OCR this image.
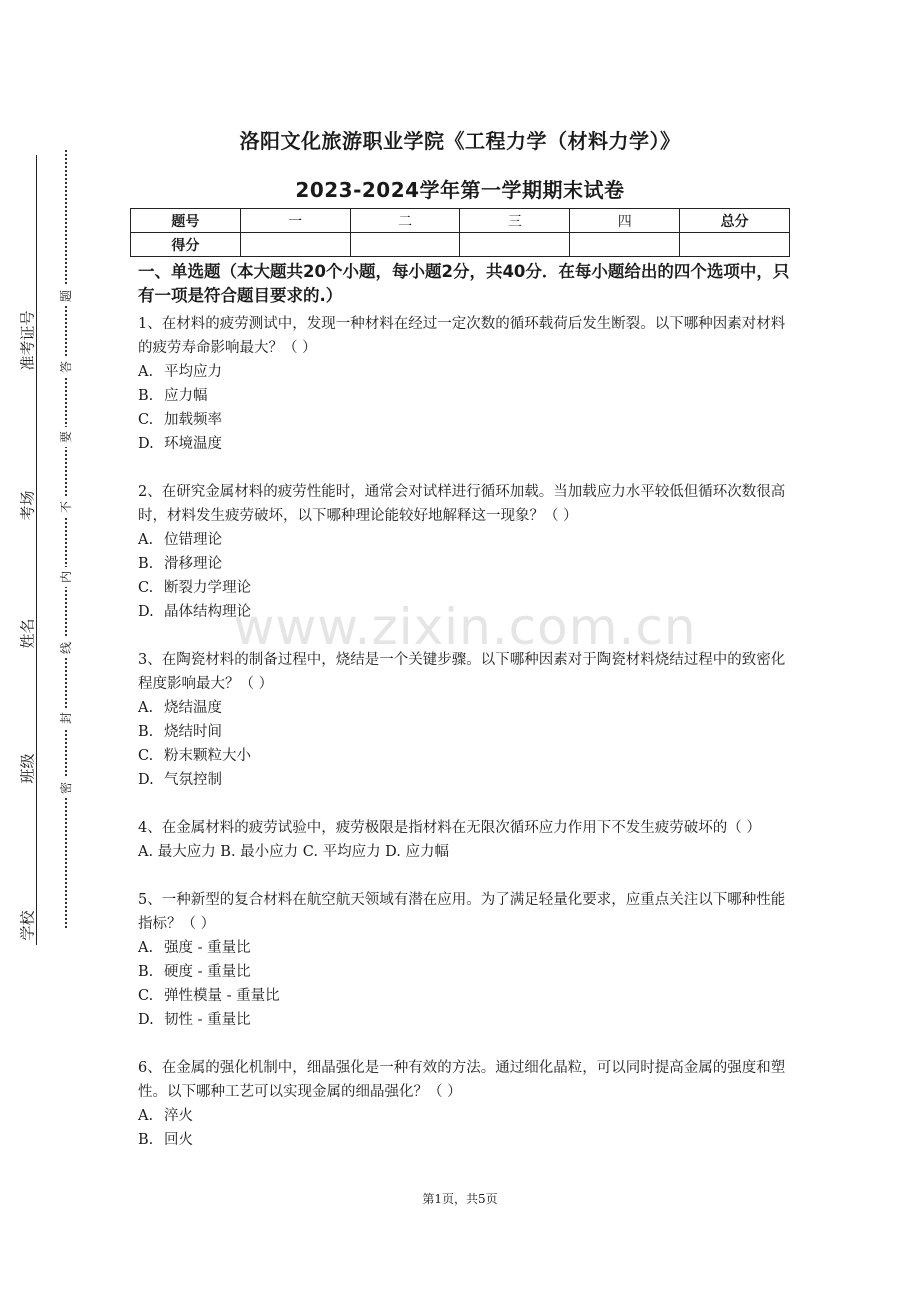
准考证号
考场
姓名
班级
学校
题
答
要
不
内
线
封
密
洛阳文化旅游职业学院《工程力学（材料力学）》
2023-2024学年第一学期期末试卷
题号	一	二	三	四	总分
得分					

一、单选题（本大题共20个小题，每小题2分，共40分．在每小题给出的四个选项中，只有一项是符合题目要求的.）

1、在材料的疲劳测试中，发现一种材料在经过一定次数的循环载荷后发生断裂。以下哪种因素对材料的疲劳寿命影响最大？（ ）

A. 平均应力

B. 应力幅

C. 加载频率

D. 环境温度

2、在研究金属材料的疲劳性能时，通常会对试样进行循环加载。当加载应力水平较低但循环次数很高时，材料发生疲劳破坏，以下哪种理论能较好地解释这一现象？（ ）

A. 位错理论

B. 滑移理论

C. 断裂力学理论

D. 晶体结构理论

3、在陶瓷材料的制备过程中，烧结是一个关键步骤。以下哪种因素对于陶瓷材料烧结过程中的致密化程度影响最大？（ ）

A. 烧结温度

B. 烧结时间

C. 粉末颗粒大小

D. 气氛控制

4、在金属材料的疲劳试验中，疲劳极限是指材料在无限次循环应力作用下不发生疲劳破坏的（ ）

A. 最大应力 B. 最小应力 C. 平均应力 D. 应力幅

5、一种新型的复合材料在航空航天领域有潜在应用。为了满足轻量化要求，应重点关注以下哪种性能指标？（ ）

A. 强度 - 重量比

B. 硬度 - 重量比

C. 弹性模量 - 重量比

D. 韧性 - 重量比

6、在金属的强化机制中，细晶强化是一种有效的方法。通过细化晶粒，可以同时提高金属的强度和塑性。以下哪种工艺可以实现金属的细晶强化？（ ）

A. 淬火

B. 回火

www.zixin.com.cn
第1页，共5页
